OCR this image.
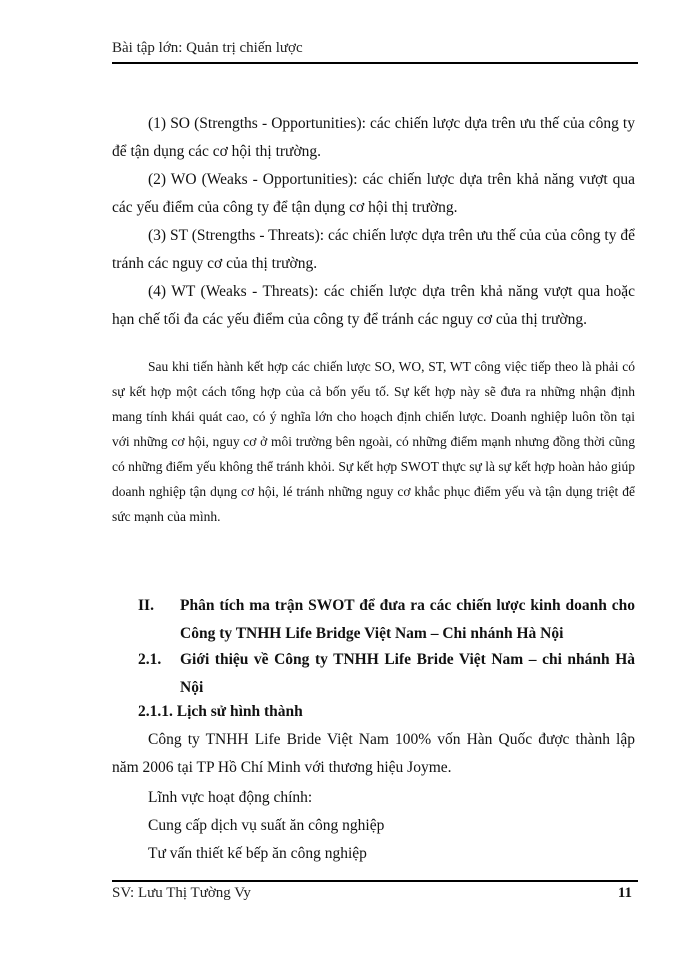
Bài tập lớn: Quản trị chiến lược
(1) SO (Strengths - Opportunities): các chiến lược dựa trên ưu thế của công ty để tận dụng các cơ hội thị trường.
(2) WO (Weaks - Opportunities): các chiến lược dựa trên khả năng vượt qua các yếu điểm của công ty để tận dụng cơ hội thị trường.
(3) ST (Strengths - Threats): các chiến lược dựa trên ưu thế của của công ty để tránh các nguy cơ của thị trường.
(4) WT (Weaks - Threats): các chiến lược dựa trên khả năng vượt qua hoặc hạn chế tối đa các yếu điểm của công ty để tránh các nguy cơ của thị trường.
Sau khi tiến hành kết hợp các chiến lược SO, WO, ST, WT công việc tiếp theo là phải có sự kết hợp một cách tổng hợp của cả bốn yếu tố. Sự kết hợp này sẽ đưa ra những nhận định mang tính khái quát cao, có ý nghĩa lớn cho hoạch định chiến lược. Doanh nghiệp luôn tồn tại với những cơ hội, nguy cơ ở môi trường bên ngoài, có những điểm mạnh nhưng đồng thời cũng có những điểm yếu không thể tránh khỏi. Sự kết hợp SWOT thực sự là sự kết hợp hoàn hảo giúp doanh nghiệp tận dụng cơ hội, lé tránh những nguy cơ khắc phục điểm yếu và tận dụng triệt để sức mạnh của mình.
II. Phân tích ma trận SWOT để đưa ra các chiến lược kinh doanh cho Công ty TNHH Life Bridge Việt Nam – Chi nhánh Hà Nội
2.1. Giới thiệu về Công ty TNHH Life Bride Việt Nam – chi nhánh Hà Nội
2.1.1. Lịch sử hình thành
Công ty TNHH Life Bride Việt Nam 100% vốn Hàn Quốc được thành lập năm 2006 tại TP Hồ Chí Minh với thương hiệu Joyme.
Lĩnh vực hoạt động chính:
Cung cấp dịch vụ suất ăn công nghiệp
Tư vấn thiết kế bếp ăn công nghiệp
SV: Lưu Thị Tường Vy	11
